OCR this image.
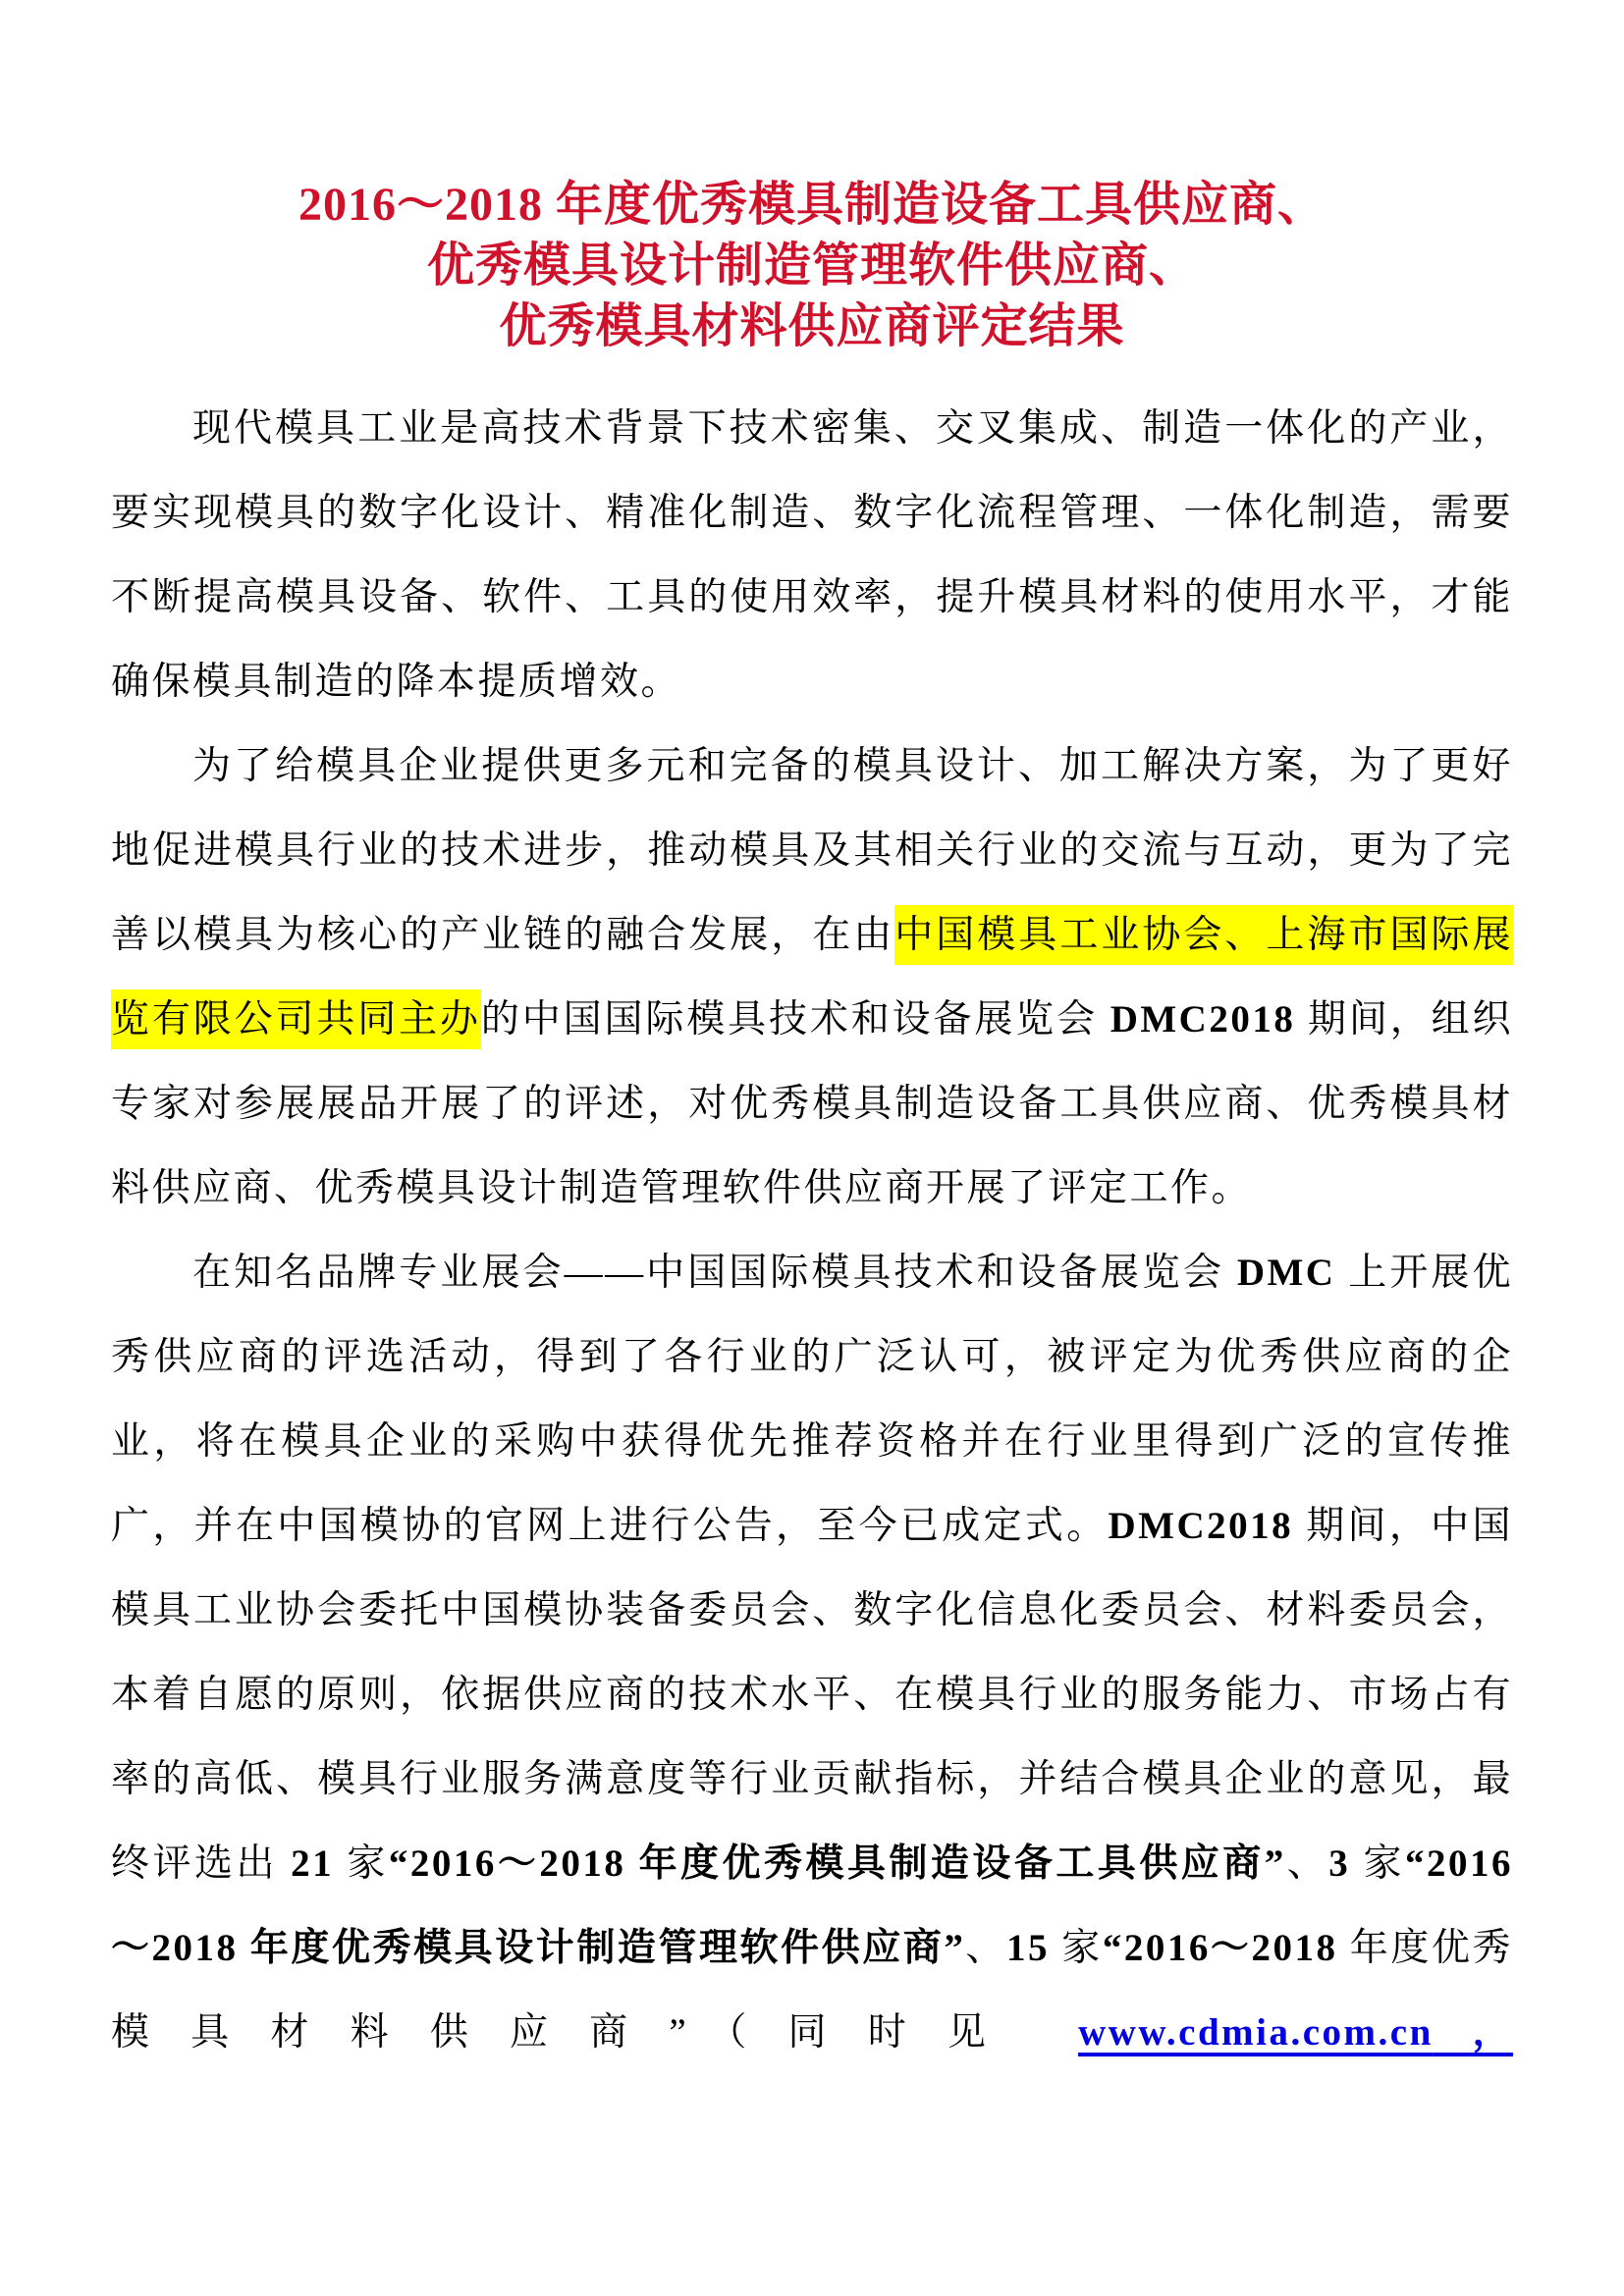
2016～2018 年度优秀模具制造设备工具供应商、
优秀模具设计制造管理软件供应商、
优秀模具材料供应商评定结果

现代模具工业是高技术背景下技术密集、交叉集成、制造一体化的产业，要实现模具的数字化设计、精准化制造、数字化流程管理、一体化制造，需要不断提高模具设备、软件、工具的使用效率，提升模具材料的使用水平，才能确保模具制造的降本提质增效。

为了给模具企业提供更多元和完备的模具设计、加工解决方案，为了更好地促进模具行业的技术进步，推动模具及其相关行业的交流与互动，更为了完善以模具为核心的产业链的融合发展，在由中国模具工业协会、上海市国际展览有限公司共同主办的中国国际模具技术和设备展览会 DMC2018 期间，组织专家对参展展品开展了的评述，对优秀模具制造设备工具供应商、优秀模具材料供应商、优秀模具设计制造管理软件供应商开展了评定工作。

在知名品牌专业展会——中国国际模具技术和设备展览会 DMC 上开展优秀供应商的评选活动，得到了各行业的广泛认可，被评定为优秀供应商的企业，将在模具企业的采购中获得优先推荐资格并在行业里得到广泛的宣传推广，并在中国模协的官网上进行公告，至今已成定式。DMC2018 期间，中国模具工业协会委托中国模协装备委员会、数字化信息化委员会、材料委员会，本着自愿的原则，依据供应商的技术水平、在模具行业的服务能力、市场占有率的高低、模具行业服务满意度等行业贡献指标，并结合模具企业的意见，最终评选出 21 家“2016～2018 年度优秀模具制造设备工具供应商”、3 家“2016～2018 年度优秀模具设计制造管理软件供应商”、15 家“2016～2018 年度优秀模具材料供应商”（同时见 www.cdmia.com.cn，
